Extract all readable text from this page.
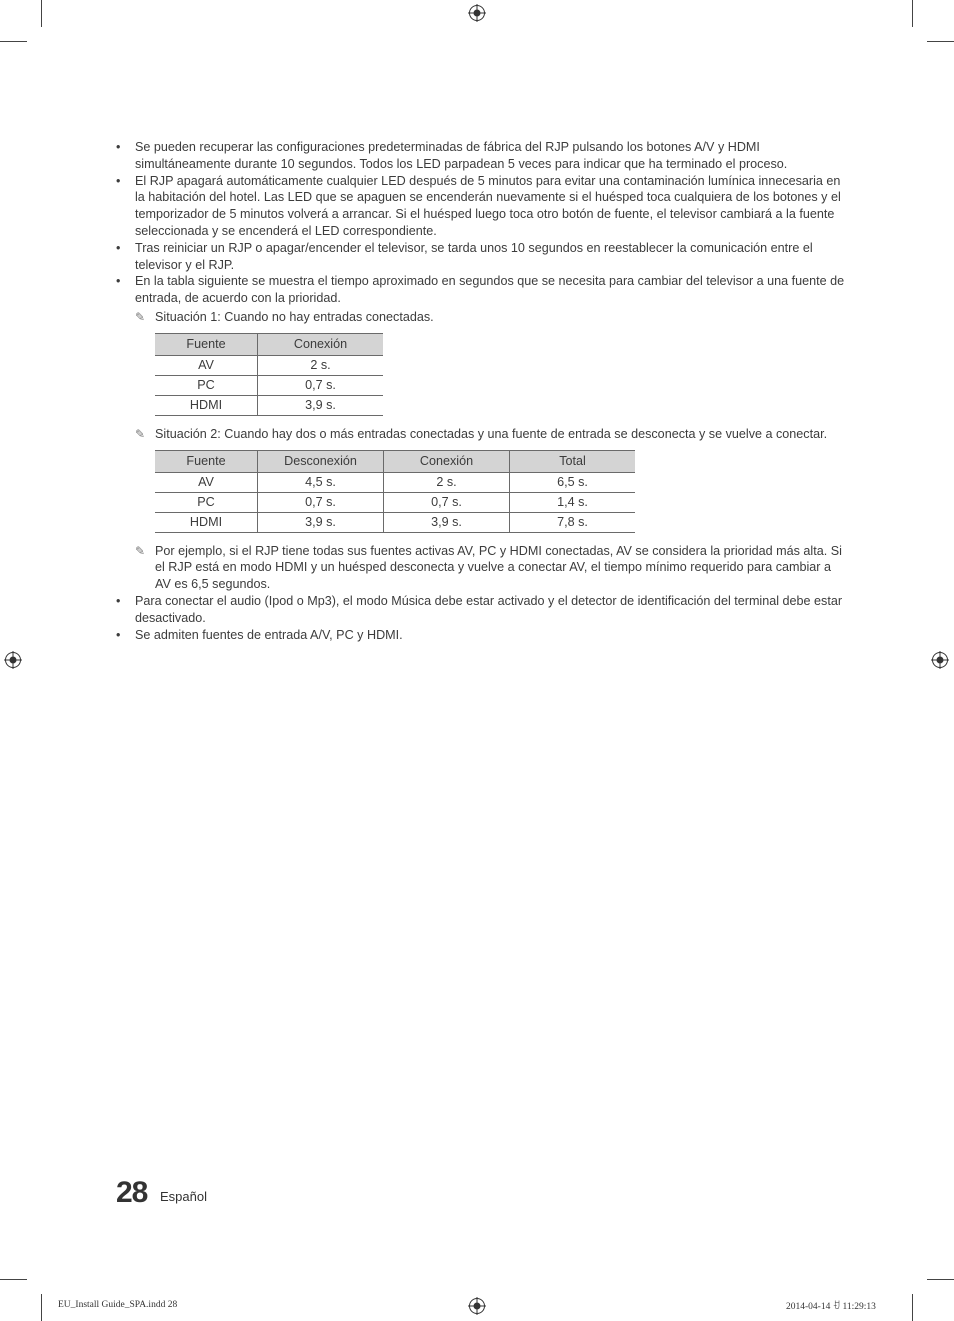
• Se pueden recuperar las configuraciones predeterminadas de fábrica del RJP pulsando los botones A/V y HDMI simultáneamente durante 10 segundos. Todos los LED parpadean 5 veces para indicar que ha terminado el proceso.
• El RJP apagará automáticamente cualquier LED después de 5 minutos para evitar una contaminación lumínica innecesaria en la habitación del hotel. Las LED que se apaguen se encenderán nuevamente si el huésped toca cualquiera de los botones y el temporizador de 5 minutos volverá a arrancar. Si el huésped luego toca otro botón de fuente, el televisor cambiará a la fuente seleccionada y se encenderá el LED correspondiente.
• Tras reiniciar un RJP o apagar/encender el televisor, se tarda unos 10 segundos en reestablecer la comunicación entre el televisor y el RJP.
• En la tabla siguiente se muestra el tiempo aproximado en segundos que se necesita para cambiar del televisor a una fuente de entrada, de acuerdo con la prioridad.
✎ Situación 1: Cuando no hay entradas conectadas.
Fuente	Conexión
AV	2 s.
PC	0,7 s.
HDMI	3,9 s.
✎ Situación 2: Cuando hay dos o más entradas conectadas y una fuente de entrada se desconecta y se vuelve a conectar.
Fuente	Desconexión	Conexión	Total
AV	4,5 s.	2 s.	6,5 s.
PC	0,7 s.	0,7 s.	1,4 s.
HDMI	3,9 s.	3,9 s.	7,8 s.
✎ Por ejemplo, si el RJP tiene todas sus fuentes activas AV, PC y HDMI conectadas, AV se considera la prioridad más alta. Si el RJP está en modo HDMI y un huésped desconecta y vuelve a conectar AV, el tiempo mínimo requerido para cambiar a AV es 6,5 segundos.
• Para conectar el audio (Ipod o Mp3), el modo Música debe estar activado y el detector de identificación del terminal debe estar desactivado.
• Se admiten fuentes de entrada A/V, PC y HDMI.
28 Español
EU_Install Guide_SPA.indd 28	2014-04-14 ꀀ 11:29:13
